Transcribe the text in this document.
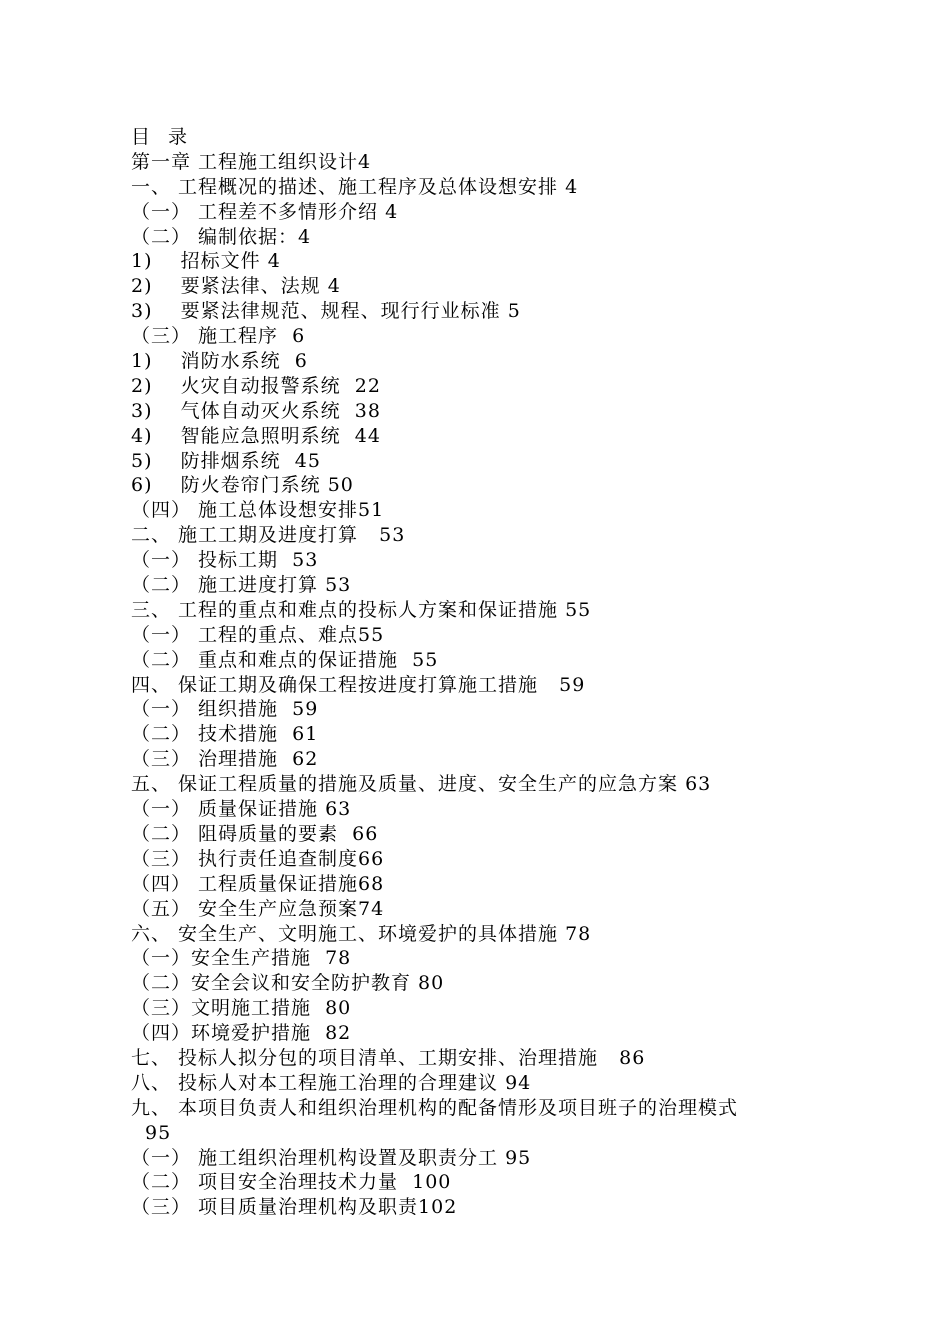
目 录
第一章 工程施工组织设计4
一、 工程概况的描述、施工程序及总体设想安排 4
（一） 工程差不多情形介绍 4
（二） 编制依据：4
1)    招标文件 4
2)    要紧法律、法规 4
3)    要紧法律规范、规程、现行行业标准 5
（三） 施工程序  6
1)    消防水系统  6
2)    火灾自动报警系统  22
3)    气体自动灭火系统  38
4)    智能应急照明系统  44
5)    防排烟系统  45
6)    防火卷帘门系统 50
（四） 施工总体设想安排51
二、 施工工期及进度打算   53
（一） 投标工期  53
（二） 施工进度打算 53
三、 工程的重点和难点的投标人方案和保证措施 55
（一） 工程的重点、难点55
（二） 重点和难点的保证措施  55
四、 保证工期及确保工程按进度打算施工措施   59
（一） 组织措施  59
（二） 技术措施  61
（三） 治理措施  62
五、 保证工程质量的措施及质量、进度、安全生产的应急方案 63
（一） 质量保证措施 63
（二） 阻碍质量的要素  66
（三） 执行责任追查制度66
（四） 工程质量保证措施68
（五） 安全生产应急预案74
六、 安全生产、文明施工、环境爱护的具体措施 78
（一）安全生产措施  78
（二）安全会议和安全防护教育 80
（三）文明施工措施  80
（四）环境爱护措施  82
七、 投标人拟分包的项目清单、工期安排、治理措施   86
八、 投标人对本工程施工治理的合理建议 94
九、 本项目负责人和组织治理机构的配备情形及项目班子的治理模式
95
（一） 施工组织治理机构设置及职责分工 95
（二） 项目安全治理技术力量  100
（三） 项目质量治理机构及职责102
